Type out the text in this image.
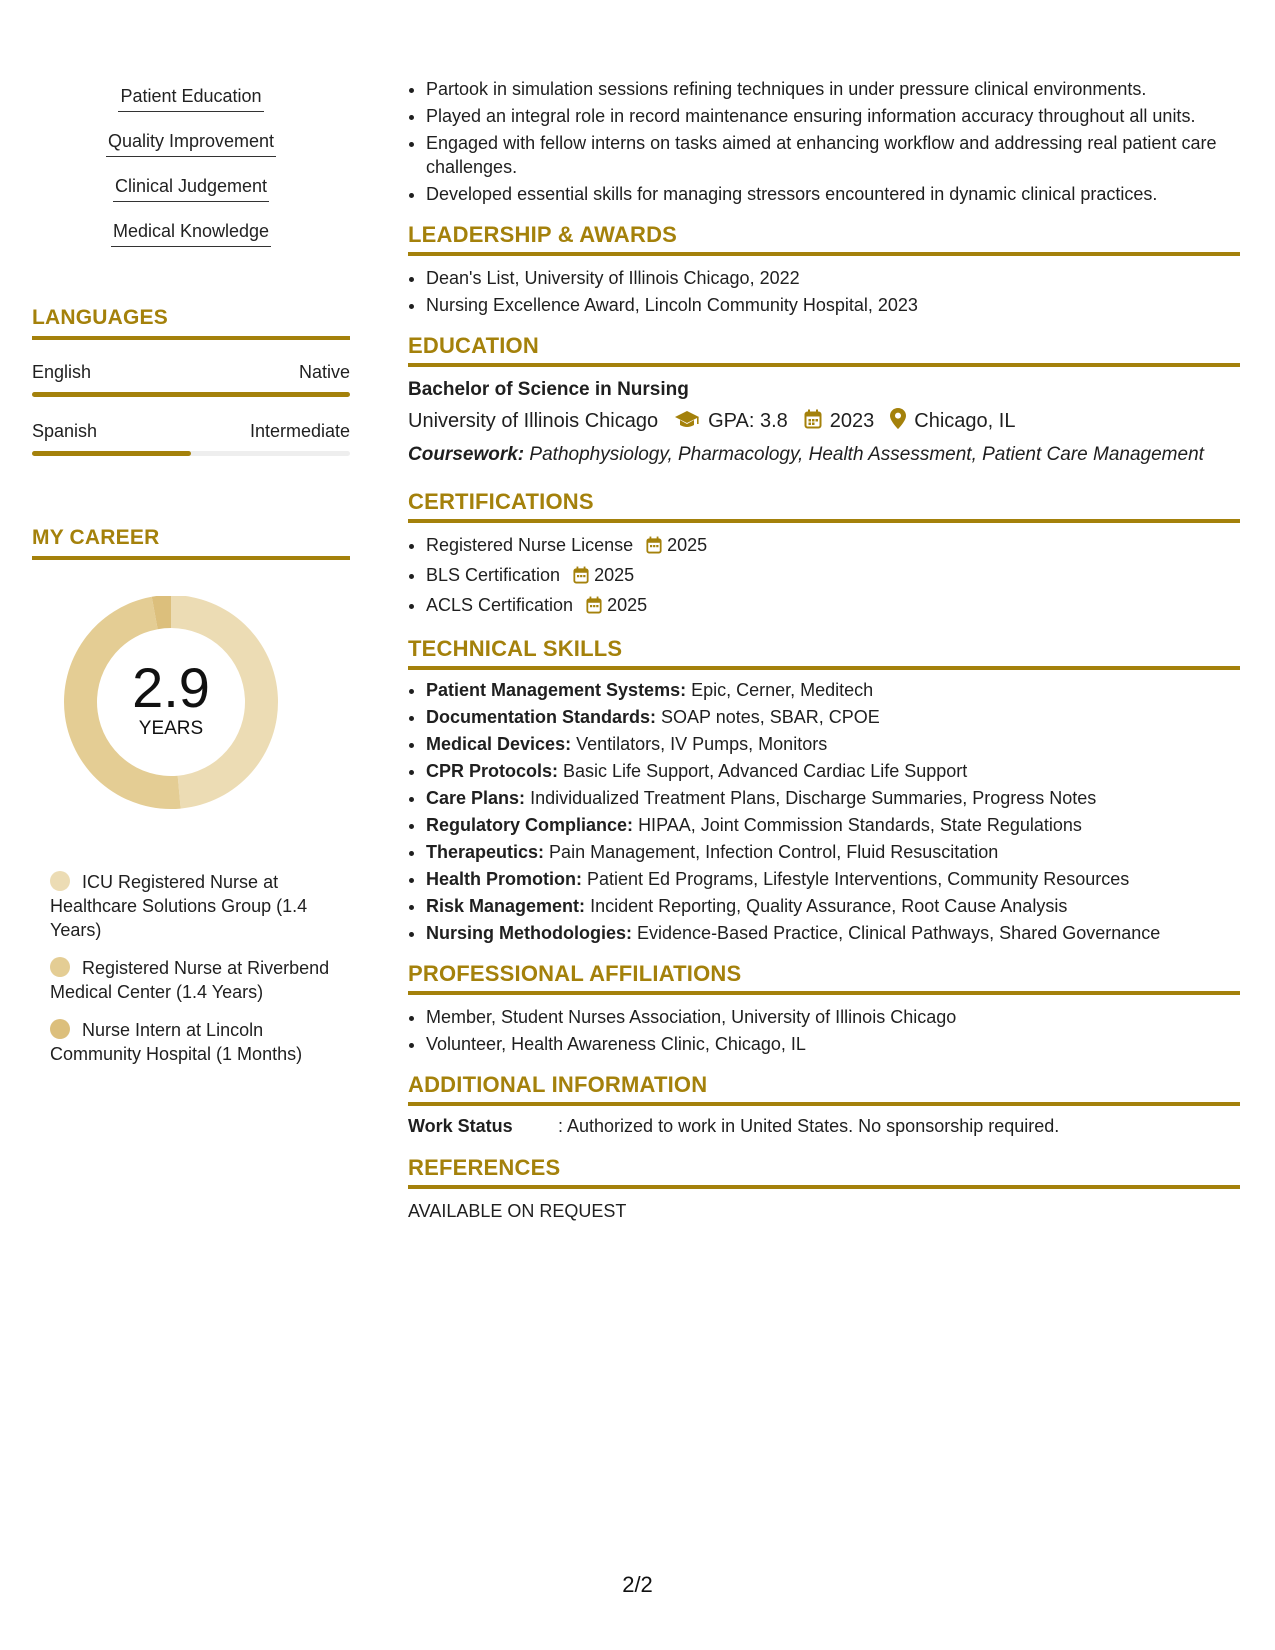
Patient Education
Quality Improvement
Clinical Judgement
Medical Knowledge
LANGUAGES
English	Native
Spanish	Intermediate
MY CAREER
2.9
YEARS
ICU Registered Nurse at Healthcare Solutions Group (1.4 Years)
Registered Nurse at Riverbend Medical Center (1.4 Years)
Nurse Intern at Lincoln Community Hospital (1 Months)
• Partook in simulation sessions refining techniques in under pressure clinical environments.
• Played an integral role in record maintenance ensuring information accuracy throughout all units.
• Engaged with fellow interns on tasks aimed at enhancing workflow and addressing real patient care challenges.
• Developed essential skills for managing stressors encountered in dynamic clinical practices.
LEADERSHIP & AWARDS
• Dean's List, University of Illinois Chicago, 2022
• Nursing Excellence Award, Lincoln Community Hospital, 2023
EDUCATION
Bachelor of Science in Nursing
University of Illinois Chicago	GPA: 3.8 2023 Chicago, IL
Coursework: Pathophysiology, Pharmacology, Health Assessment, Patient Care Management
CERTIFICATIONS
• Registered Nurse License 2025
• BLS Certification 2025
• ACLS Certification 2025
TECHNICAL SKILLS
• Patient Management Systems: Epic, Cerner, Meditech
• Documentation Standards: SOAP notes, SBAR, CPOE
• Medical Devices: Ventilators, IV Pumps, Monitors
• CPR Protocols: Basic Life Support, Advanced Cardiac Life Support
• Care Plans: Individualized Treatment Plans, Discharge Summaries, Progress Notes
• Regulatory Compliance: HIPAA, Joint Commission Standards, State Regulations
• Therapeutics: Pain Management, Infection Control, Fluid Resuscitation
• Health Promotion: Patient Ed Programs, Lifestyle Interventions, Community Resources
• Risk Management: Incident Reporting, Quality Assurance, Root Cause Analysis
• Nursing Methodologies: Evidence-Based Practice, Clinical Pathways, Shared Governance
PROFESSIONAL AFFILIATIONS
• Member, Student Nurses Association, University of Illinois Chicago
• Volunteer, Health Awareness Clinic, Chicago, IL
ADDITIONAL INFORMATION
Work Status	: Authorized to work in United States. No sponsorship required.
REFERENCES
AVAILABLE ON REQUEST
2/2
